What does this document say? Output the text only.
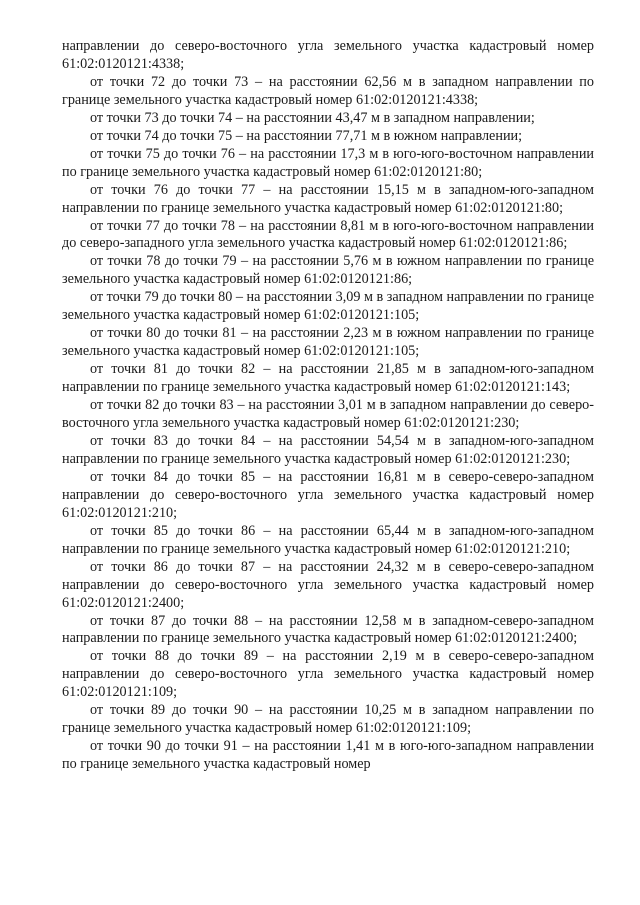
направлении до северо-восточного угла земельного участка кадастровый номер 61:02:0120121:4338;

от точки 72 до точки 73 – на расстоянии 62,56 м в западном направлении по границе земельного участка кадастровый номер 61:02:0120121:4338;

от точки 73 до точки 74 – на расстоянии 43,47 м в западном направлении;

от точки 74 до точки 75 – на расстоянии 77,71 м в южном направлении;

от точки 75 до точки 76 – на расстоянии 17,3 м в юго-юго-восточном направлении по границе земельного участка кадастровый номер 61:02:0120121:80;

от точки 76 до точки 77 – на расстоянии 15,15 м в западном-юго-западном направлении по границе земельного участка кадастровый номер 61:02:0120121:80;

от точки 77 до точки 78 – на расстоянии 8,81 м в юго-юго-восточном направлении до северо-западного угла земельного участка кадастровый номер 61:02:0120121:86;

от точки 78 до точки 79 – на расстоянии 5,76 м в южном направлении по границе земельного участка кадастровый номер 61:02:0120121:86;

от точки 79 до точки 80 – на расстоянии 3,09 м в западном направлении по границе земельного участка кадастровый номер 61:02:0120121:105;

от точки 80 до точки 81 – на расстоянии 2,23 м в южном направлении по границе земельного участка кадастровый номер 61:02:0120121:105;

от точки 81 до точки 82 – на расстоянии 21,85 м в западном-юго-западном направлении по границе земельного участка кадастровый номер 61:02:0120121:143;

от точки 82 до точки 83 – на расстоянии 3,01 м в западном направлении до северо-восточного угла земельного участка кадастровый номер 61:02:0120121:230;

от точки 83 до точки 84 – на расстоянии 54,54 м в западном-юго-западном направлении по границе земельного участка кадастровый номер 61:02:0120121:230;

от точки 84 до точки 85 – на расстоянии 16,81 м в северо-северо-западном направлении до северо-восточного угла земельного участка кадастровый номер 61:02:0120121:210;

от точки 85 до точки 86 – на расстоянии 65,44 м в западном-юго-западном направлении по границе земельного участка кадастровый номер 61:02:0120121:210;

от точки 86 до точки 87 – на расстоянии 24,32 м в северо-северо-западном направлении до северо-восточного угла земельного участка кадастровый номер 61:02:0120121:2400;

от точки 87 до точки 88 – на расстоянии 12,58 м в западном-северо-западном направлении по границе земельного участка кадастровый номер 61:02:0120121:2400;

от точки 88 до точки 89 – на расстоянии 2,19 м в северо-северо-западном направлении до северо-восточного угла земельного участка кадастровый номер 61:02:0120121:109;

от точки 89 до точки 90 – на расстоянии 10,25 м в западном направлении по границе земельного участка кадастровый номер 61:02:0120121:109;

от точки 90 до точки 91 – на расстоянии 1,41 м в юго-юго-западном направлении по границе земельного участка кадастровый номер
